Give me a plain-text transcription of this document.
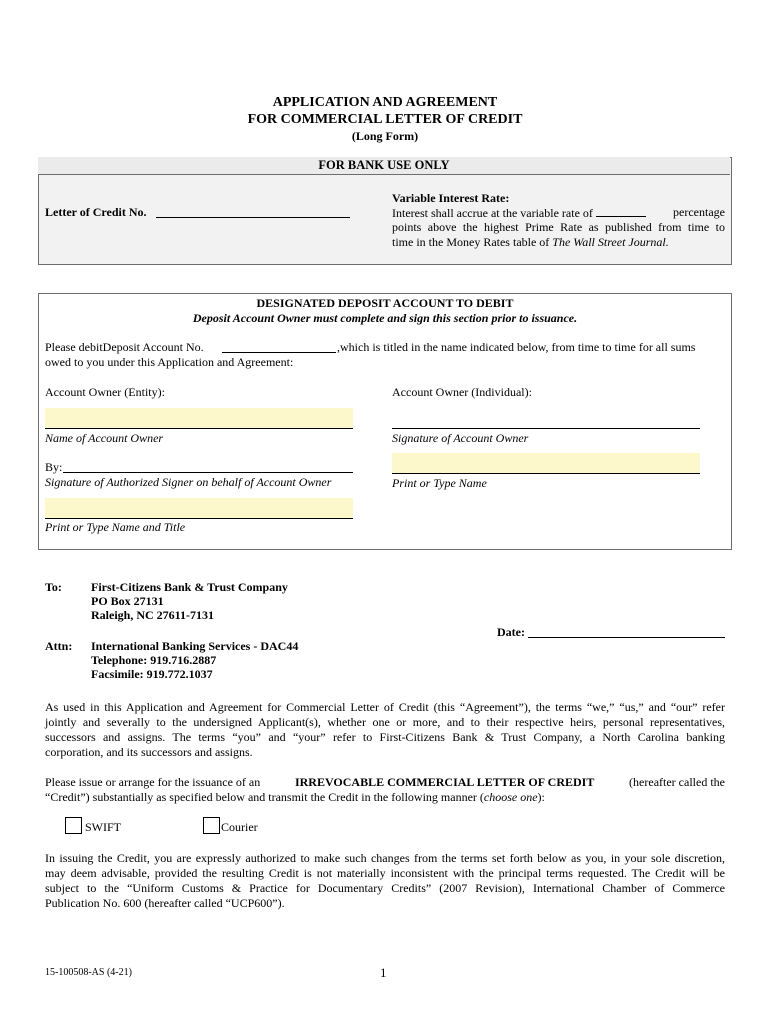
APPLICATION AND AGREEMENT
FOR COMMERCIAL LETTER OF CREDIT
(Long Form)
FOR BANK USE ONLY
Letter of Credit No.
Variable Interest Rate:
Interest shall accrue at the variable rate of	percentage
points above the highest Prime Rate as published from time to
time in the Money Rates table of The Wall Street Journal.
DESIGNATED DEPOSIT ACCOUNT TO DEBIT
Deposit Account Owner must complete and sign this section prior to issuance.
Please debitDeposit Account No.	,which is titled in the name indicated below, from time to time for all sums
owed to you under this Application and Agreement:
Account Owner (Entity):	Account Owner (Individual):
Name of Account Owner
By:
Signature of Authorized Signer on behalf of Account Owner
Print or Type Name and Title
Signature of Account Owner
Print or Type Name
To: First-Citizens Bank & Trust Company
PO Box 27131
Raleigh, NC 27611-7131
Date:
Attn: International Banking Services - DAC44
Telephone: 919.716.2887
Facsimile: 919.772.1037
As used in this Application and Agreement for Commercial Letter of Credit (this “Agreement”), the terms “we,” “us,” and “our” refer
jointly and severally to the undersigned Applicant(s), whether one or more, and to their respective heirs, personal representatives,
successors and assigns. The terms “you” and “your” refer to First-Citizens Bank & Trust Company, a North Carolina banking
corporation, and its successors and assigns.
Please issue or arrange for the issuance of an	IRREVOCABLE COMMERCIAL LETTER OF CREDIT	(hereafter called the
“Credit”) substantially as specified below and transmit the Credit in the following manner (choose one):
SWIFT	Courier
In issuing the Credit, you are expressly authorized to make such changes from the terms set forth below as you, in your sole discretion,
may deem advisable, provided the resulting Credit is not materially inconsistent with the principal terms requested. The Credit will be
subject to the “Uniform Customs & Practice for Documentary Credits” (2007 Revision), International Chamber of Commerce
Publication No. 600 (hereafter called “UCP600”).
15-100508-AS (4-21)	1
